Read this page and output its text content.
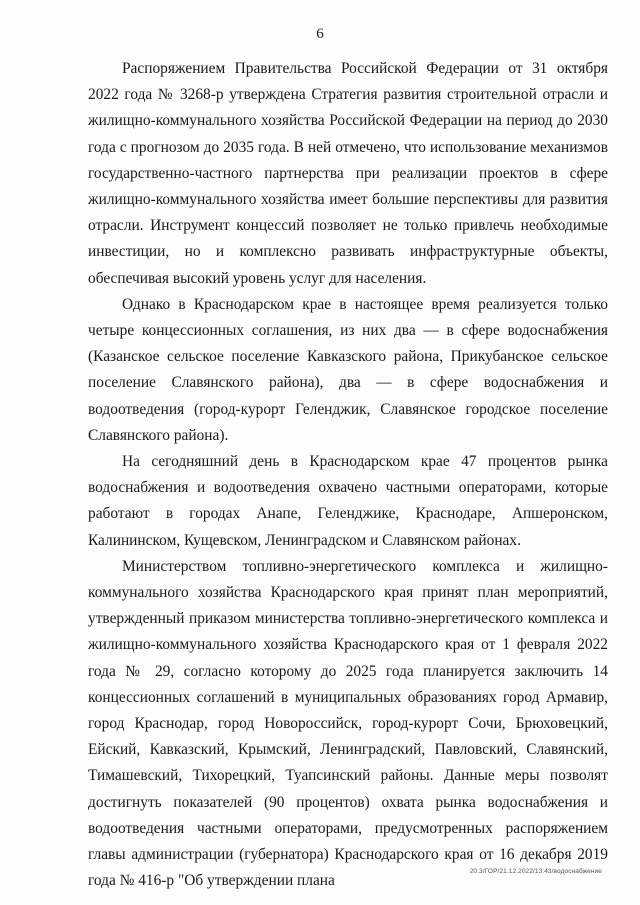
6

Распоряжением Правительства Российской Федерации от 31 октября 2022 года № 3268-р утверждена Стратегия развития строительной отрасли и жилищно-коммунального хозяйства Российской Федерации на период до 2030 года с прогнозом до 2035 года. В ней отмечено, что использование механизмов государственно-частного партнерства при реализации проектов в сфере жилищно-коммунального хозяйства имеет большие перспективы для развития отрасли. Инструмент концессий позволяет не только привлечь необходимые инвестиции, но и комплексно развивать инфраструктурные объекты, обеспечивая высокий уровень услуг для населения.

Однако в Краснодарском крае в настоящее время реализуется только четыре концессионных соглашения, из них два — в сфере водоснабжения (Казанское сельское поселение Кавказского района, Прикубанское сельское поселение Славянского района), два — в сфере водоснабжения и водоотведения (город-курорт Геленджик, Славянское городское поселение Славянского района).

На сегодняшний день в Краснодарском крае 47 процентов рынка водоснабжения и водоотведения охвачено частными операторами, которые работают в городах Анапе, Геленджике, Краснодаре, Апшеронском, Калининском, Кущевском, Ленинградском и Славянском районах.

Министерством топливно-энергетического комплекса и жилищно-коммунального хозяйства Краснодарского края принят план мероприятий, утвержденный приказом министерства топливно-энергетического комплекса и жилищно-коммунального хозяйства Краснодарского края от 1 февраля 2022 года № 29, согласно которому до 2025 года планируется заключить 14 концессионных соглашений в муниципальных образованиях город Армавир, город Краснодар, город Новороссийск, город-курорт Сочи, Брюховецкий, Ейский, Кавказский, Крымский, Ленинградский, Павловский, Славянский, Тимашевский, Тихорецкий, Туапсинский районы. Данные меры позволят достигнуть показателей (90 процентов) охвата рынка водоснабжения и водоотведения частными операторами, предусмотренных распоряжением главы администрации (губернатора) Краснодарского края от 16 декабря 2019 года № 416-р "Об утверждении плана

20.3/ГОР/21.12.2022/13:43/водоснабжение
